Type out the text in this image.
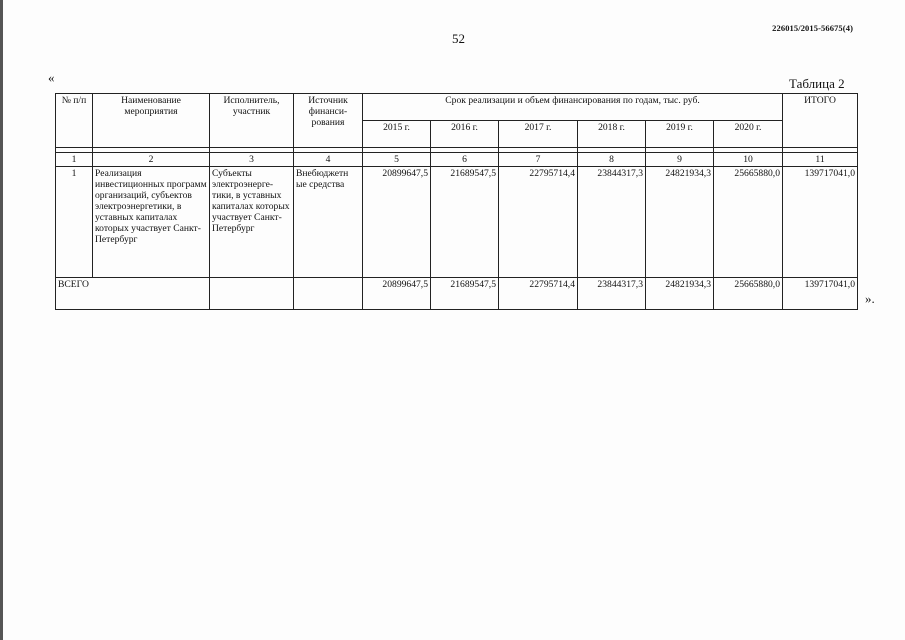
226015/2015-56675(4)
52
«	Таблица 2
№ п/п	Наименование мероприятия	Исполнитель, участник	Источник финанси-рования	Срок реализации и объем финансирования по годам, тыс. руб.						ИТОГО
				2015 г.	2016 г.	2017 г.	2018 г.	2019 г.	2020 г.	

1	2	3	4	5	6	7	8	9	10	11
1	Реализация инвестиционных программ организаций, субъектов электроэнергетики, в уставных капиталах которых участвует Санкт-Петербург	Субъекты электроэнерге-тики, в уставных капиталах которых участвует Санкт-Петербург	Внебюджетн ые средства	20899647,5	21689547,5	22795714,4	23844317,3	24821934,3	25665880,0	139717041,0
ВСЕГО				20899647,5	21689547,5	22795714,4	23844317,3	24821934,3	25665880,0	139717041,0
».
